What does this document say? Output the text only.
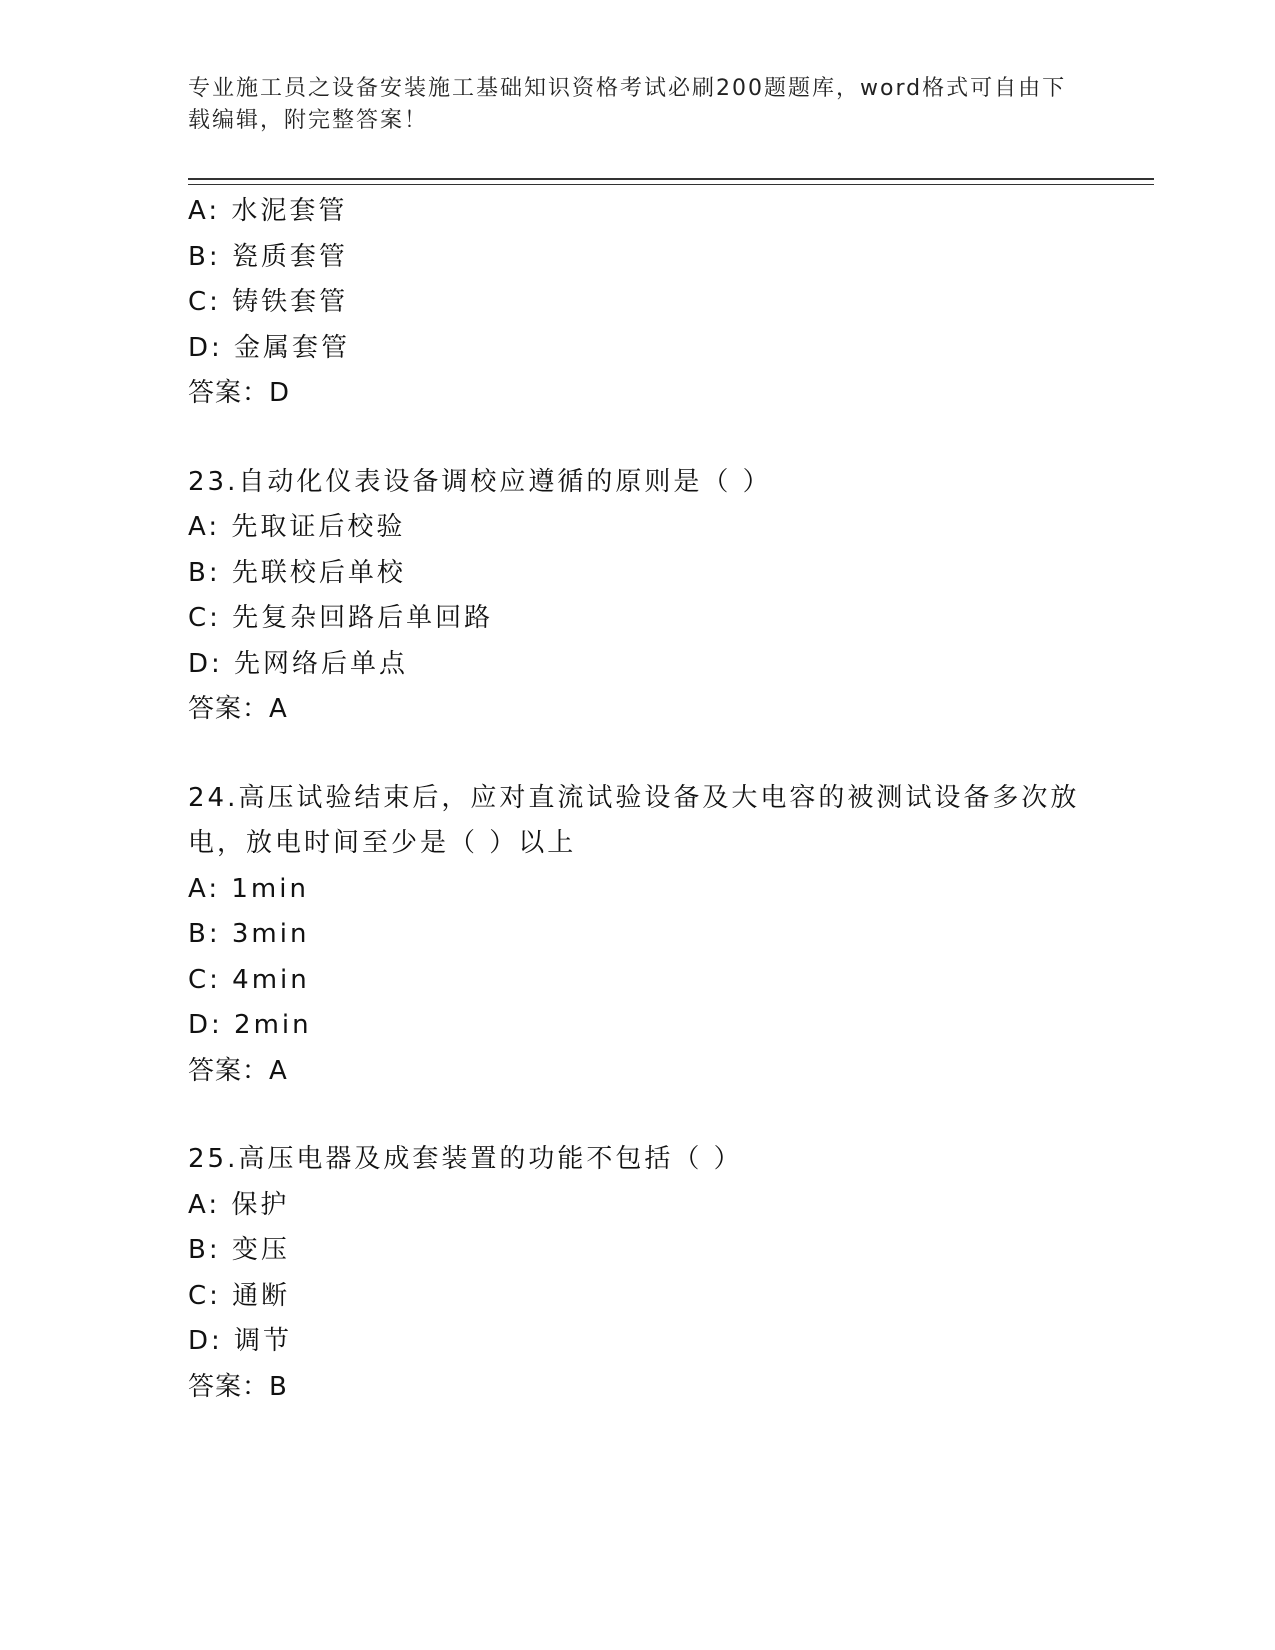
专业施工员之设备安装施工基础知识资格考试必刷200题题库，word格式可自由下载编辑，附完整答案！

A: 水泥套管

B: 瓷质套管

C: 铸铁套管

D: 金属套管

答案：D

23.自动化仪表设备调校应遵循的原则是（ ）

A: 先取证后校验

B: 先联校后单校

C: 先复杂回路后单回路

D: 先网络后单点

答案：A

24.高压试验结束后，应对直流试验设备及大电容的被测试设备多次放电，放电时间至少是（ ）以上

A: 1min

B: 3min

C: 4min

D: 2min

答案：A

25.高压电器及成套装置的功能不包括（ ）

A: 保护

B: 变压

C: 通断

D: 调节

答案：B
